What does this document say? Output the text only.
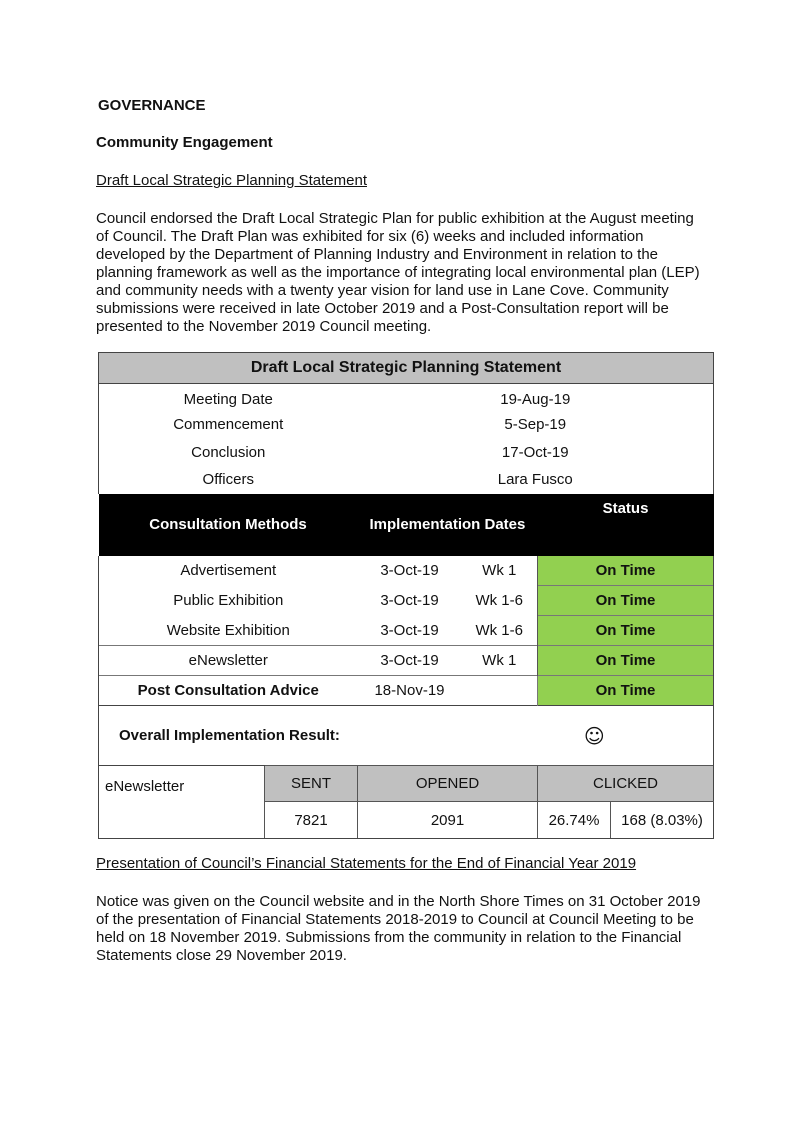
GOVERNANCE
Community Engagement
Draft Local Strategic Planning Statement
Council endorsed the Draft Local Strategic Plan for public exhibition at the August meeting of Council. The Draft Plan was exhibited for six (6) weeks and included information developed by the Department of Planning Industry and Environment in relation to the planning framework as well as the importance of integrating local environmental plan (LEP) and community needs with a twenty year vision for land use in Lane Cove. Community submissions were received in late October 2019 and a Post-Consultation report will be presented to the November 2019 Council meeting.
Draft Local Strategic Planning Statement					
Meeting Date		19-Aug-19			
Commencement		5-Sep-19			
Conclusion		17-Oct-19			
Officers		Lara Fusco			
Consultation Methods		Implementation Dates		Status	
Advertisement		3-Oct-19	Wk 1	On Time	
Public Exhibition		3-Oct-19	Wk 1-6	On Time	
Website Exhibition		3-Oct-19	Wk 1-6	On Time	
eNewsletter		3-Oct-19	Wk 1	On Time	
Post Consultation Advice		18-Nov-19		On Time	
Overall Implementation Result:			☺		
eNewsletter	SENT	OPENED		CLICKED	
	7821	2091		26.74%	168 (8.03%)
Presentation of Council’s Financial Statements for the End of Financial Year 2019
Notice was given on the Council website and in the North Shore Times on 31 October 2019 of the presentation of Financial Statements 2018-2019 to Council at Council Meeting to be held on 18 November 2019. Submissions from the community in relation to the Financial Statements close 29 November 2019.
